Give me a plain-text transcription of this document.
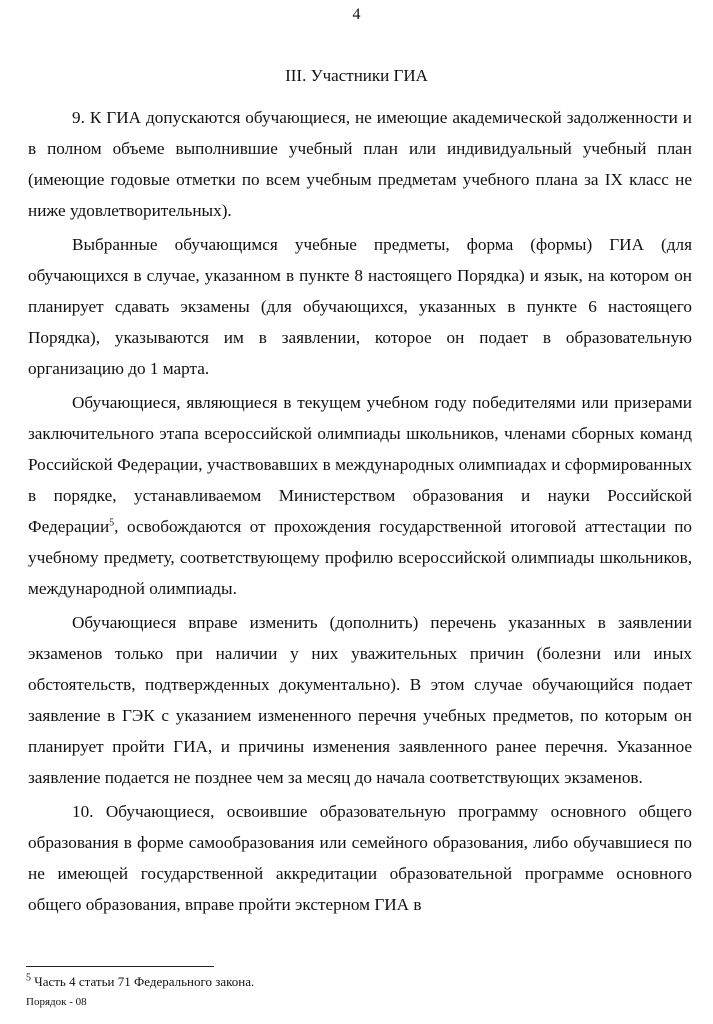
4
III. Участники ГИА

9. К ГИА допускаются обучающиеся, не имеющие академической задолженности и в полном объеме выполнившие учебный план или индивидуальный учебный план (имеющие годовые отметки по всем учебным предметам учебного плана за IX класс не ниже удовлетворительных).

Выбранные обучающимся учебные предметы, форма (формы) ГИА (для обучающихся в случае, указанном в пункте 8 настоящего Порядка) и язык, на котором он планирует сдавать экзамены (для обучающихся, указанных в пункте 6 настоящего Порядка), указываются им в заявлении, которое он подает в образовательную организацию до 1 марта.

Обучающиеся, являющиеся в текущем учебном году победителями или призерами заключительного этапа всероссийской олимпиады школьников, членами сборных команд Российской Федерации, участвовавших в международных олимпиадах и сформированных в порядке, устанавливаемом Министерством образования и науки Российской Федерации$^5$, освобождаются от прохождения государственной итоговой аттестации по учебному предмету, соответствующему профилю всероссийской олимпиады школьников, международной олимпиады.

Обучающиеся вправе изменить (дополнить) перечень указанных в заявлении экзаменов только при наличии у них уважительных причин (болезни или иных обстоятельств, подтвержденных документально). В этом случае обучающийся подает заявление в ГЭК с указанием измененного перечня учебных предметов, по которым он планирует пройти ГИА, и причины изменения заявленного ранее перечня. Указанное заявление подается не позднее чем за месяц до начала соответствующих экзаменов.

10. Обучающиеся, освоившие образовательную программу основного общего образования в форме самообразования или семейного образования, либо обучавшиеся по не имеющей государственной аккредитации образовательной программе основного общего образования, вправе пройти экстерном ГИА в

$^5$ Часть 4 статьи 71 Федерального закона.
Порядок - 08
